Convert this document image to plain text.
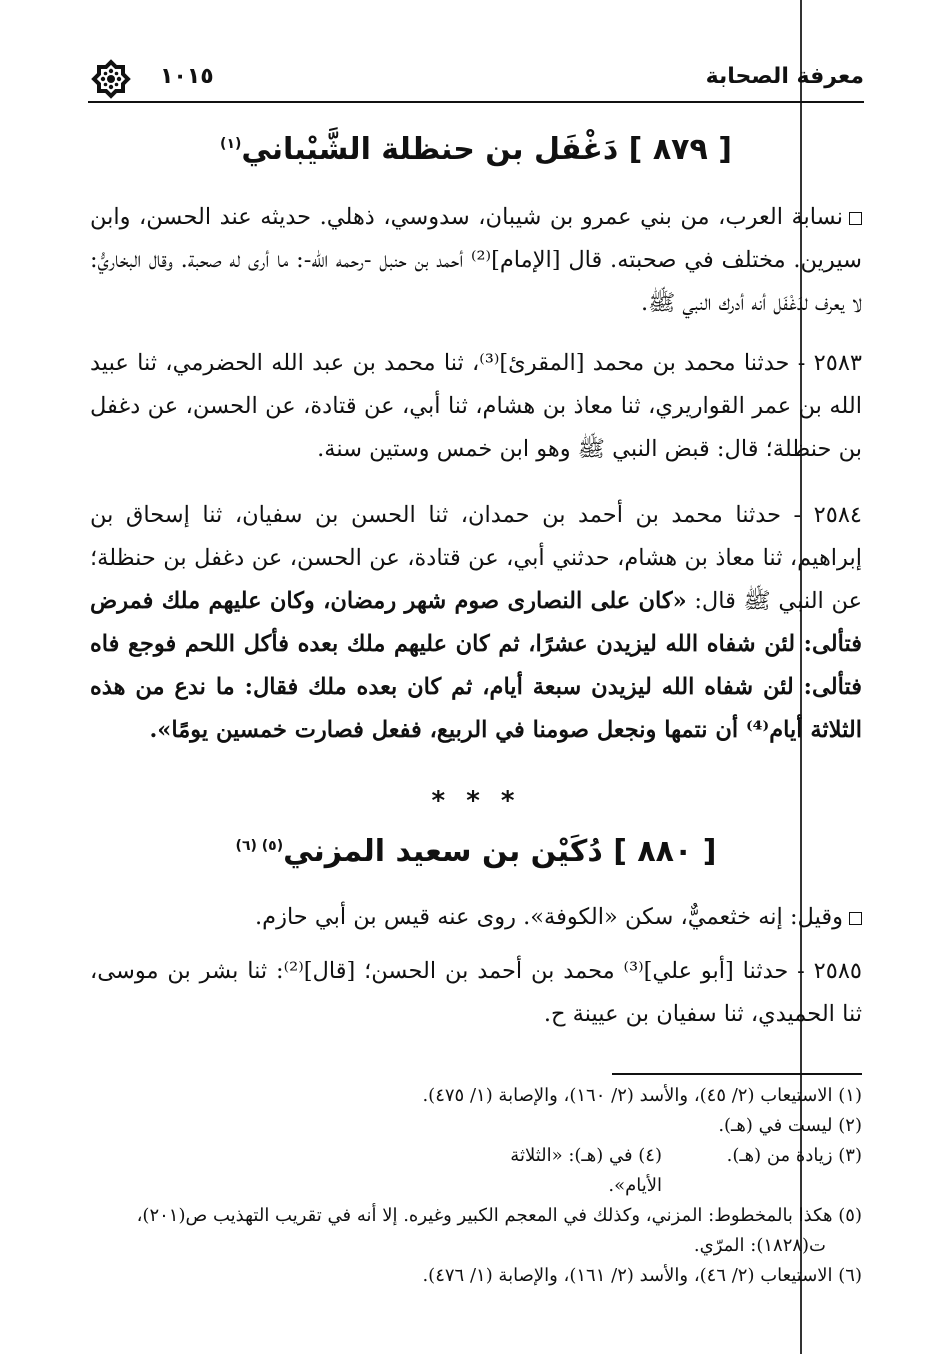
معرفة الصحابة
١٠١٥
[ ٨٧٩ ] دَغْفَل بن حنظلة الشَّيْباني$^{(١)}$

نسابة العرب، من بني عمرو بن شيبان، سدوسي، ذهلي. حديثه عند الحسن، وابن سيرين. مختلف في صحبته. قال [الإمام]⁽²⁾ أحمد بن حنبل -رحمه الله-: ما أرى له صحبة. وقال البخاريُّ: لا يعرف لدَغْفَل أنه أدرك النبي ﷺ.

٢٥٨٣ - حدثنا محمد بن محمد [المقرئ]⁽³⁾، ثنا محمد بن عبد الله الحضرمي، ثنا عبيد الله بن عمر القواريري، ثنا معاذ بن هشام، ثنا أبي، عن قتادة، عن الحسن، عن دغفل بن حنظلة؛ قال: قبض النبي ﷺ وهو ابن خمس وستين سنة.

٢٥٨٤ - حدثنا محمد بن أحمد بن حمدان، ثنا الحسن بن سفيان، ثنا إسحاق بن إبراهيم، ثنا معاذ بن هشام، حدثني أبي، عن قتادة، عن الحسن، عن دغفل بن حنظلة؛ عن النبي ﷺ قال: «كان على النصارى صوم شهر رمضان، وكان عليهم ملك فمرض فتألى: لئن شفاه الله ليزيدن عشرًا، ثم كان عليهم ملك بعده فأكل اللحم فوجع فاه فتألى: لئن شفاه الله ليزيدن سبعة أيام، ثم كان بعده ملك فقال: ما ندع من هذه الثلاثة أيام⁽⁴⁾ أن نتمها ونجعل صومنا في الربيع، ففعل فصارت خمسين يومًا».

* * *
[ ٨٨٠ ] دُكَيْن بن سعيد المزني$^{(٥) (٦)}$

وقيل: إنه خثعميٌّ، سكن «الكوفة». روى عنه قيس بن أبي حازم.

٢٥٨٥ - حدثنا [أبو علي]⁽³⁾ محمد بن أحمد بن الحسن؛ [قال]⁽²⁾: ثنا بشر بن موسى، ثنا الحميدي، ثنا سفيان بن عيينة ح.

(١) الاستيعاب (٢/ ٤٥)، والأسد (٢/ ١٦٠)، والإصابة (١/ ٤٧٥).

(٢) ليست في (هـ).

(٣) زيادة من (هـ).

(٤) في (هـ): «الثلاثة الأيام».

(٥) هكذا بالمخطوط: المزني، وكذلك في المعجم الكبير وغيره. إلا أنه في تقريب التهذيب ص(٢٠١)،

ت(١٨٢٨): المرّي.

(٦) الاستيعاب (٢/ ٤٦)، والأسد (٢/ ١٦١)، والإصابة (١/ ٤٧٦).
